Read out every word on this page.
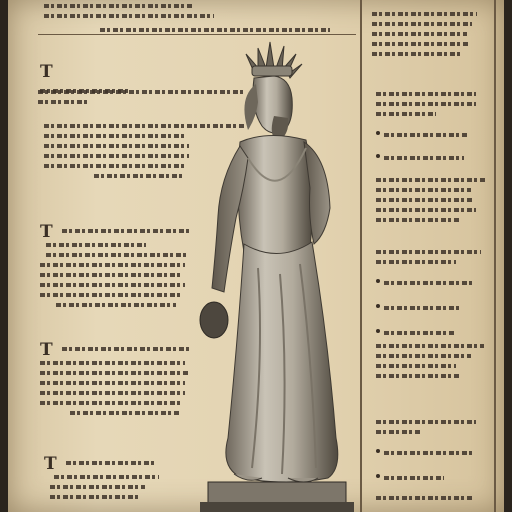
T
T
T
T
